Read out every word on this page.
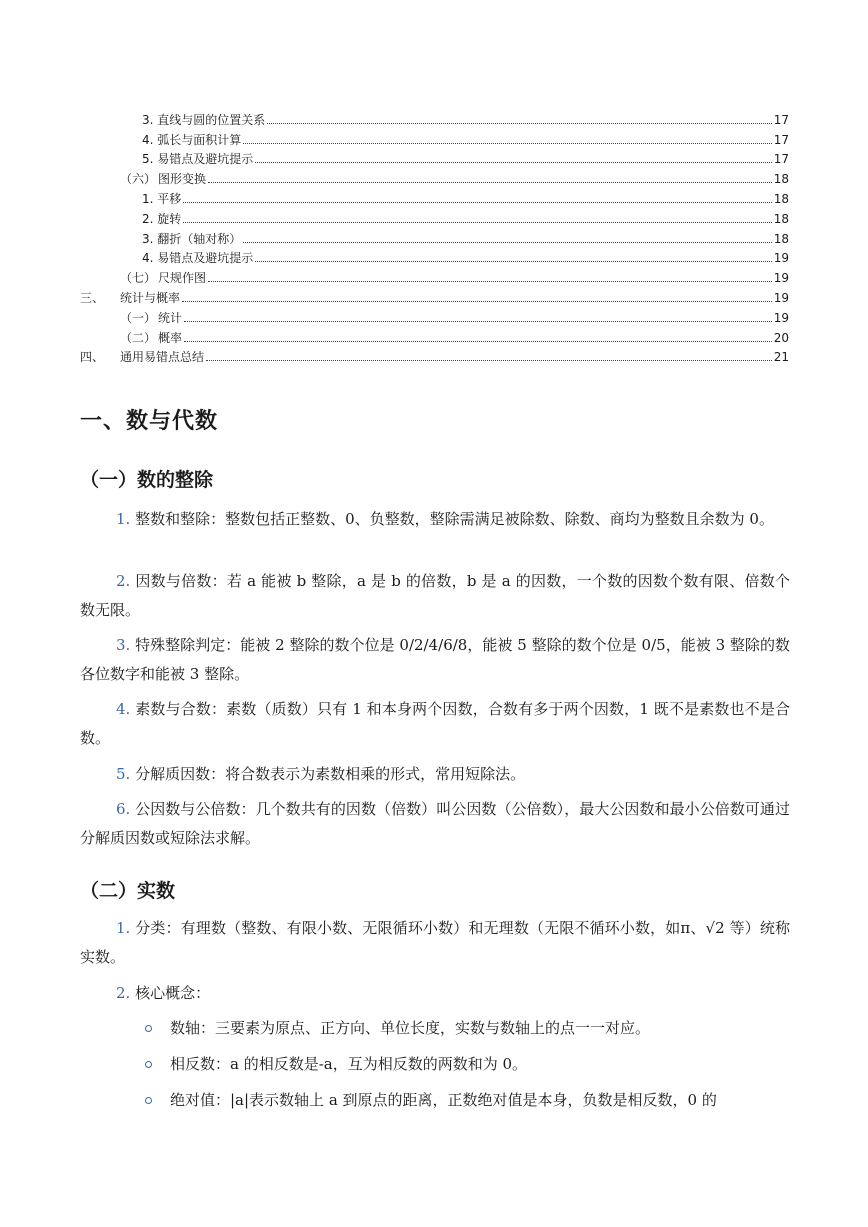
3. 直线与圆的位置关系	17
4. 弧长与面积计算	17
5. 易错点及避坑提示	17
（六） 图形变换	18
1. 平移	18
2. 旋转	18
3. 翻折（轴对称）	18
4. 易错点及避坑提示	19
（七） 尺规作图	19
三、	统计与概率	19
（一） 统计	19
（二） 概率	20
四、	通用易错点总结	21
一、数与代数
（一）数的整除

1. 整数和整除：整数包括正整数、0、负整数，整除需满足被除数、除数、商均为整数且余数为 0。

2. 因数与倍数：若 a 能被 b 整除，a 是 b 的倍数，b 是 a 的因数，一个数的因数个数有限、倍数个数无限。

3. 特殊整除判定：能被 2 整除的数个位是 0/2/4/6/8，能被 5 整除的数个位是 0/5，能被 3 整除的数各位数字和能被 3 整除。

4. 素数与合数：素数（质数）只有 1 和本身两个因数，合数有多于两个因数，1 既不是素数也不是合数。

5. 分解质因数：将合数表示为素数相乘的形式，常用短除法。

6. 公因数与公倍数：几个数共有的因数（倍数）叫公因数（公倍数），最大公因数和最小公倍数可通过分解质因数或短除法求解。

（二）实数

1. 分类：有理数（整数、有限小数、无限循环小数）和无理数（无限不循环小数，如π、√2 等）统称实数。

2. 核心概念：

数轴：三要素为原点、正方向、单位长度，实数与数轴上的点一一对应。
相反数：a 的相反数是-a，互为相反数的两数和为 0。
绝对值：|a|表示数轴上 a 到原点的距离，正数绝对值是本身，负数是相反数，0 的
